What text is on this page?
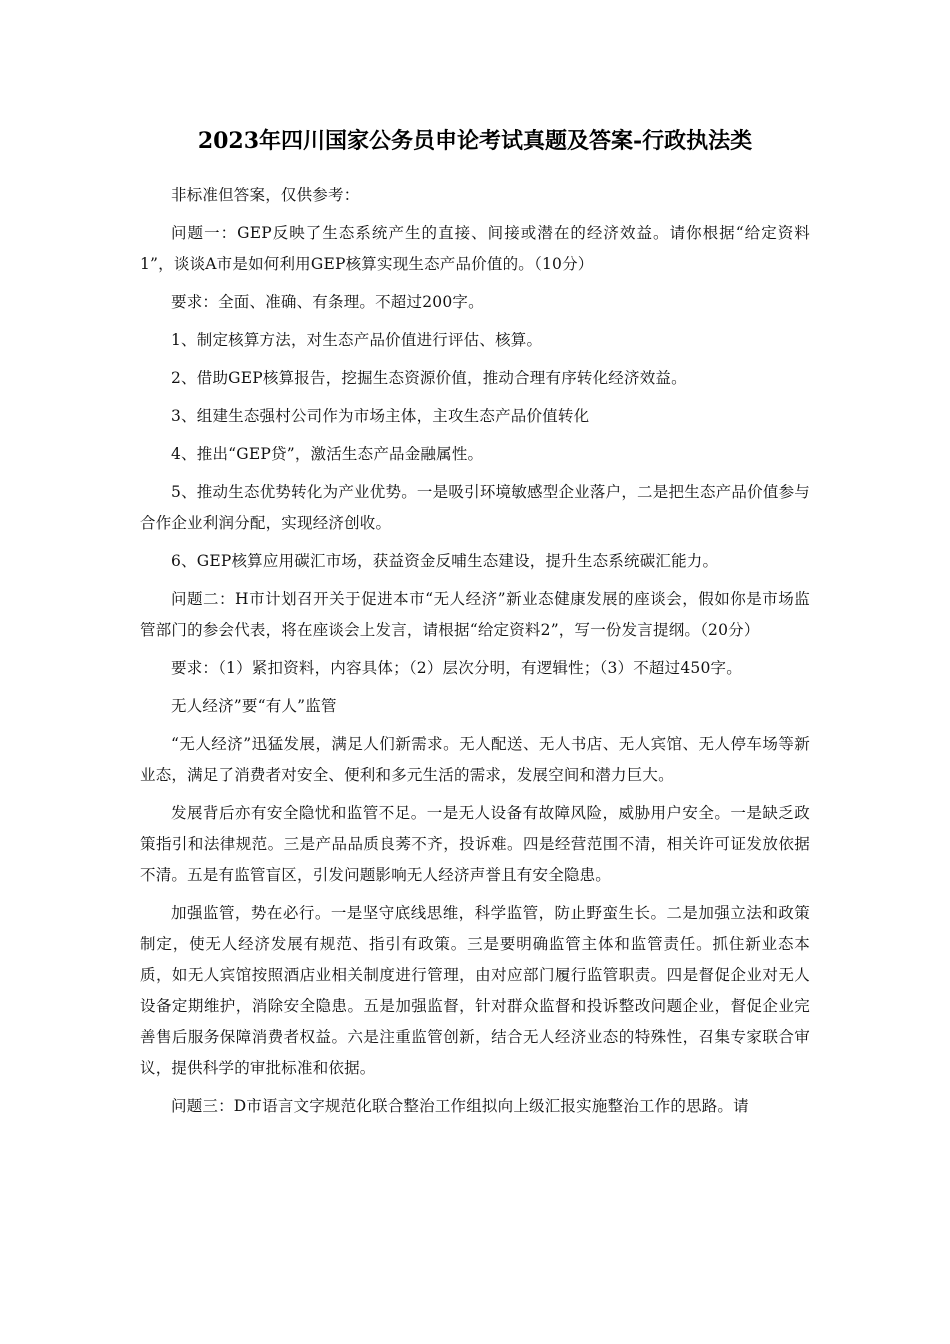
2023年四川国家公务员申论考试真题及答案-行政执法类

非标准但答案，仅供参考：

问题一：GEP反映了生态系统产生的直接、间接或潜在的经济效益。请你根据“给定资料1”，谈谈A市是如何利用GEP核算实现生态产品价值的。（10分）

要求：全面、准确、有条理。不超过200字。

1、制定核算方法，对生态产品价值进行评估、核算。

2、借助GEP核算报告，挖掘生态资源价值，推动合理有序转化经济效益。

3、组建生态强村公司作为市场主体，主攻生态产品价值转化

4、推出“GEP贷”，激活生态产品金融属性。

5、推动生态优势转化为产业优势。一是吸引环境敏感型企业落户，二是把生态产品价值参与合作企业利润分配，实现经济创收。

6、GEP核算应用碳汇市场，获益资金反哺生态建设，提升生态系统碳汇能力。

问题二：H市计划召开关于促进本市“无人经济”新业态健康发展的座谈会，假如你是市场监管部门的参会代表，将在座谈会上发言，请根据“给定资料2”，写一份发言提纲。（20分）

要求：（1）紧扣资料，内容具体；（2）层次分明，有逻辑性；（3）不超过450字。

无人经济”要“有人”监管

“无人经济”迅猛发展，满足人们新需求。无人配送、无人书店、无人宾馆、无人停车场等新业态，满足了消费者对安全、便利和多元生活的需求，发展空间和潜力巨大。

发展背后亦有安全隐忧和监管不足。一是无人设备有故障风险，威胁用户安全。一是缺乏政策指引和法律规范。三是产品品质良莠不齐，投诉难。四是经营范围不清，相关许可证发放依据不清。五是有监管盲区，引发问题影响无人经济声誉且有安全隐患。

加强监管，势在必行。一是坚守底线思维，科学监管，防止野蛮生长。二是加强立法和政策制定，使无人经济发展有规范、指引有政策。三是要明确监管主体和监管责任。抓住新业态本质，如无人宾馆按照酒店业相关制度进行管理，由对应部门履行监管职责。四是督促企业对无人设备定期维护，消除安全隐患。五是加强监督，针对群众监督和投诉整改问题企业，督促企业完善售后服务保障消费者权益。六是注重监管创新，结合无人经济业态的特殊性，召集专家联合审议，提供科学的审批标准和依据。

问题三：D市语言文字规范化联合整治工作组拟向上级汇报实施整治工作的思路。请
